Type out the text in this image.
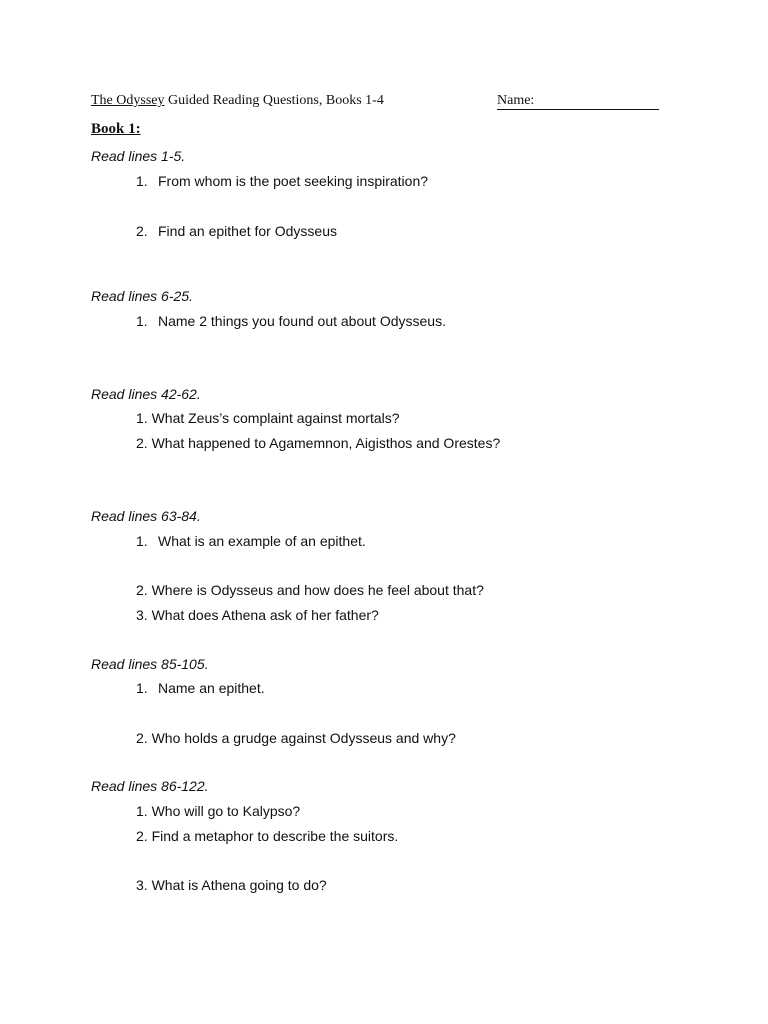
The Odyssey Guided Reading Questions, Books 1-4	Name:
Book 1:
Read lines 1-5.
1. From whom is the poet seeking inspiration?
2. Find an epithet for Odysseus
Read lines 6-25.
1. Name 2 things you found out about Odysseus.
Read lines 42-62.
1. What Zeus’s complaint against mortals?
2. What happened to Agamemnon, Aigisthos and Orestes?
Read lines 63-84.
1. What is an example of an epithet.
2. Where is Odysseus and how does he feel about that?
3. What does Athena ask of her father?
Read lines 85-105.
1. Name an epithet.
2. Who holds a grudge against Odysseus and why?
Read lines 86-122.
1. Who will go to Kalypso?
2. Find a metaphor to describe the suitors.
3. What is Athena going to do?
